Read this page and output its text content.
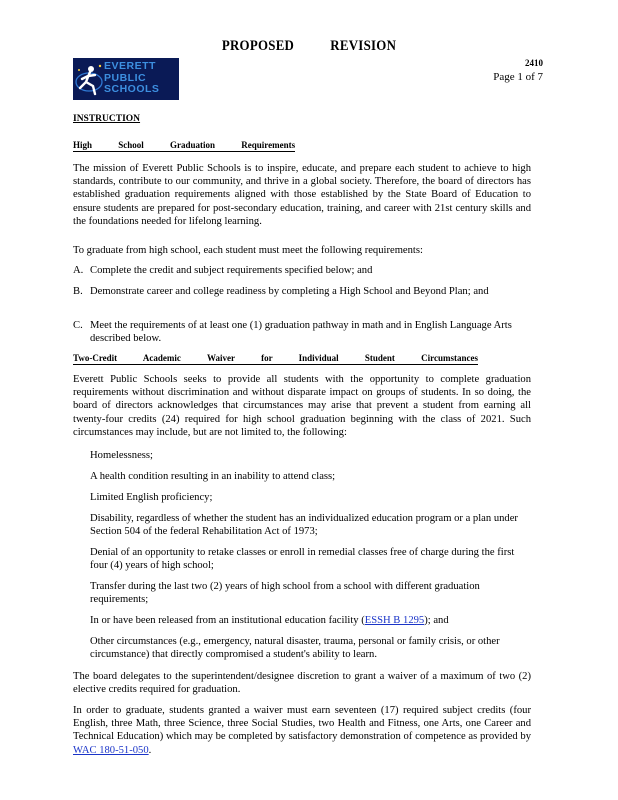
PROPOSED REVISION
EVERETT PUBLIC SCHOOLS
2410
Page 1 of 7
INSTRUCTION
High School Graduation Requirements
The mission of Everett Public Schools is to inspire, educate, and prepare each student to achieve to high standards, contribute to our community, and thrive in a global society. Therefore, the board of directors has established graduation requirements aligned with those established by the State Board of Education to ensure students are prepared for post-secondary education, training, and career with 21st century skills and the foundations needed for lifelong learning.
To graduate from high school, each student must meet the following requirements:
A. Complete the credit and subject requirements specified below; and
B. Demonstrate career and college readiness by completing a High School and Beyond Plan; and
C. Meet the requirements of at least one (1) graduation pathway in math and in English Language Arts described below.
Two-Credit Academic Waiver for Individual Student Circumstances
Everett Public Schools seeks to provide all students with the opportunity to complete graduation requirements without discrimination and without disparate impact on groups of students. In so doing, the board of directors acknowledges that circumstances may arise that prevent a student from earning all twenty-four credits (24) required for high school graduation beginning with the class of 2021. Such circumstances may include, but are not limited to, the following:
Homelessness;
A health condition resulting in an inability to attend class;
Limited English proficiency;
Disability, regardless of whether the student has an individualized education program or a plan under Section 504 of the federal Rehabilitation Act of 1973;
Denial of an opportunity to retake classes or enroll in remedial classes free of charge during the first four (4) years of high school;
Transfer during the last two (2) years of high school from a school with different graduation requirements;
In or have been released from an institutional education facility (ESSH B 1295); and
Other circumstances (e.g., emergency, natural disaster, trauma, personal or family crisis, or other circumstance) that directly compromised a student's ability to learn.
The board delegates to the superintendent/designee discretion to grant a waiver of a maximum of two (2) elective credits required for graduation.
In order to graduate, students granted a waiver must earn seventeen (17) required subject credits (four English, three Math, three Science, three Social Studies, two Health and Fitness, one Arts, one Career and Technical Education) which may be completed by satisfactory demonstration of competence as provided by WAC 180-51-050.
